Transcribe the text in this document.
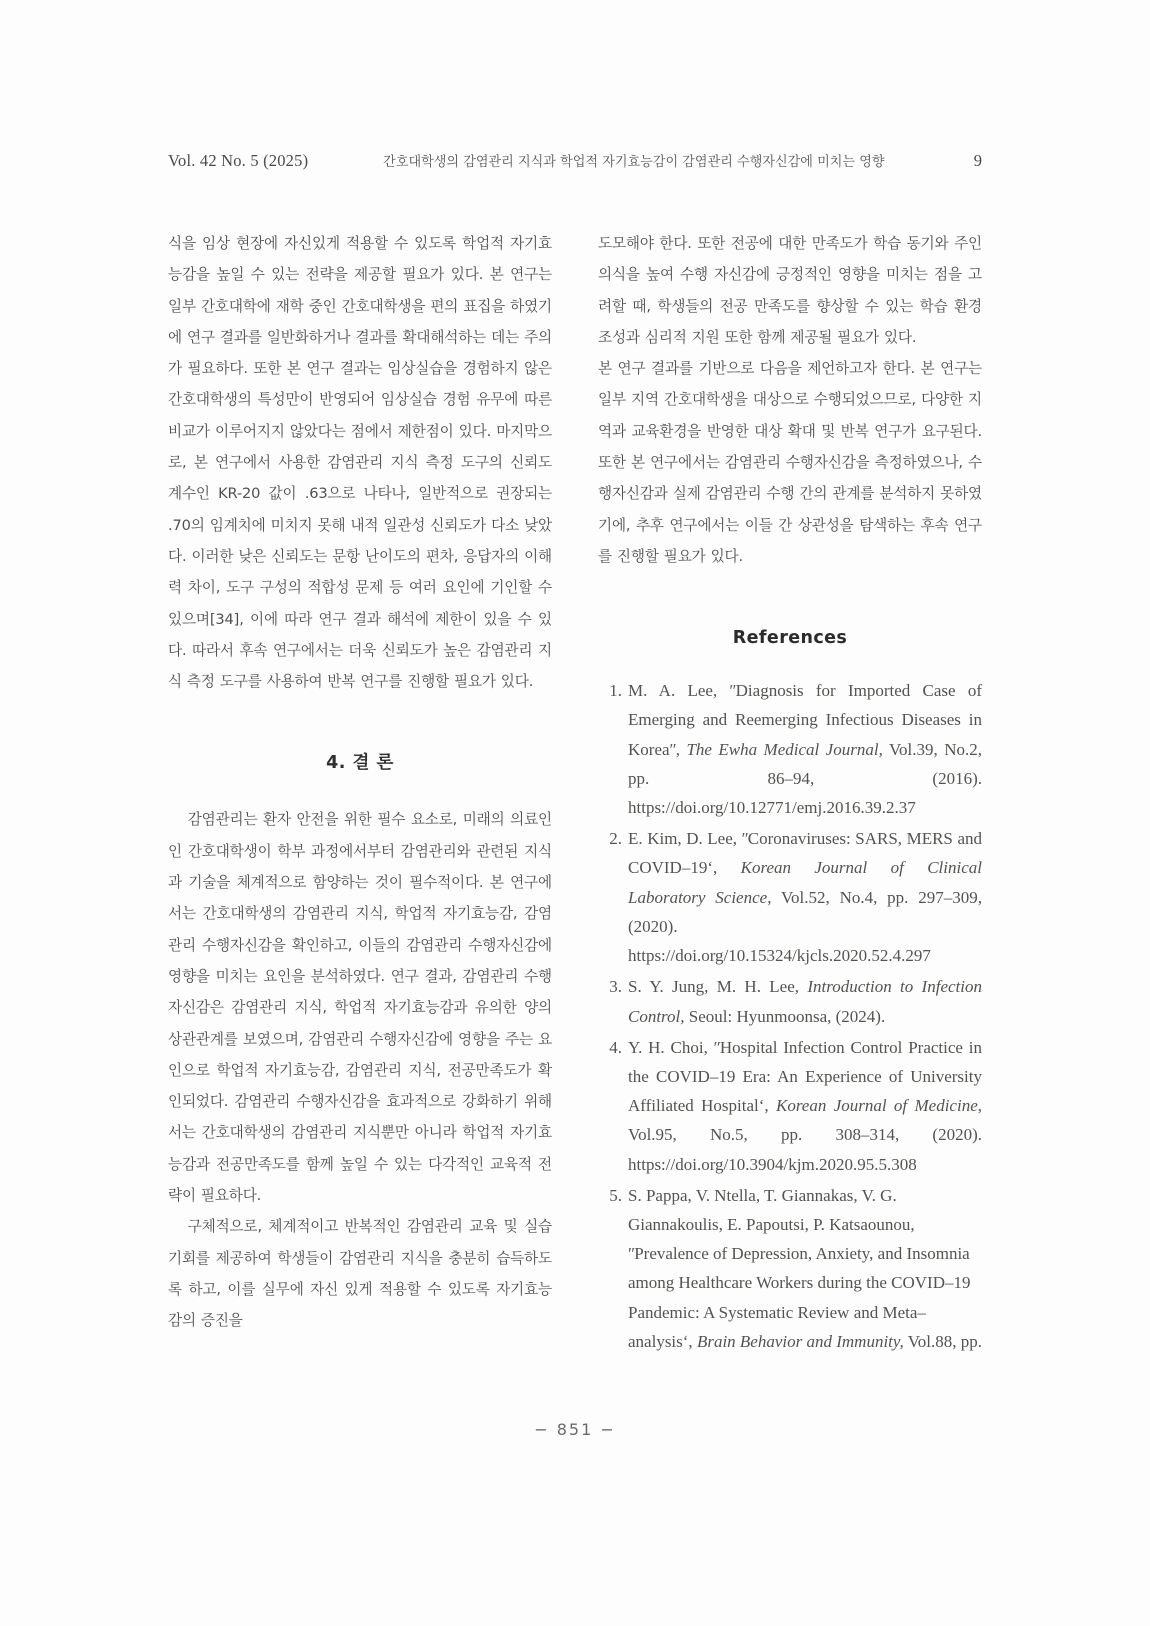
Vol. 42 No. 5 (2025)	간호대학생의 감염관리 지식과 학업적 자기효능감이 감염관리 수행자신감에 미치는 영향	9

식을 임상 현장에 자신있게 적용할 수 있도록 학업적 자기효능감을 높일 수 있는 전략을 제공할 필요가 있다. 본 연구는 일부 간호대학에 재학 중인 간호대학생을 편의 표집을 하였기에 연구 결과를 일반화하거나 결과를 확대해석하는 데는 주의가 필요하다. 또한 본 연구 결과는 임상실습을 경험하지 않은 간호대학생의 특성만이 반영되어 임상실습 경험 유무에 따른 비교가 이루어지지 않았다는 점에서 제한점이 있다. 마지막으로, 본 연구에서 사용한 감염관리 지식 측정 도구의 신뢰도 계수인 KR-20 값이 .63으로 나타나, 일반적으로 권장되는 .70의 임계치에 미치지 못해 내적 일관성 신뢰도가 다소 낮았다. 이러한 낮은 신뢰도는 문항 난이도의 편차, 응답자의 이해력 차이, 도구 구성의 적합성 문제 등 여러 요인에 기인할 수 있으며[34], 이에 따라 연구 결과 해석에 제한이 있을 수 있다. 따라서 후속 연구에서는 더욱 신뢰도가 높은 감염관리 지식 측정 도구를 사용하여 반복 연구를 진행할 필요가 있다.

4. 결 론

감염관리는 환자 안전을 위한 필수 요소로, 미래의 의료인인 간호대학생이 학부 과정에서부터 감염관리와 관련된 지식과 기술을 체계적으로 함양하는 것이 필수적이다. 본 연구에서는 간호대학생의 감염관리 지식, 학업적 자기효능감, 감염관리 수행자신감을 확인하고, 이들의 감염관리 수행자신감에 영향을 미치는 요인을 분석하였다. 연구 결과, 감염관리 수행자신감은 감염관리 지식, 학업적 자기효능감과 유의한 양의 상관관계를 보였으며, 감염관리 수행자신감에 영향을 주는 요인으로 학업적 자기효능감, 감염관리 지식, 전공만족도가 확인되었다. 감염관리 수행자신감을 효과적으로 강화하기 위해서는 간호대학생의 감염관리 지식뿐만 아니라 학업적 자기효능감과 전공만족도를 함께 높일 수 있는 다각적인 교육적 전략이 필요하다.

구체적으로, 체계적이고 반복적인 감염관리 교육 및 실습 기회를 제공하여 학생들이 감염관리 지식을 충분히 습득하도록 하고, 이를 실무에 자신 있게 적용할 수 있도록 자기효능감의 증진을

도모해야 한다. 또한 전공에 대한 만족도가 학습 동기와 주인의식을 높여 수행 자신감에 긍정적인 영향을 미치는 점을 고려할 때, 학생들의 전공 만족도를 향상할 수 있는 학습 환경 조성과 심리적 지원 또한 함께 제공될 필요가 있다.

본 연구 결과를 기반으로 다음을 제언하고자 한다. 본 연구는 일부 지역 간호대학생을 대상으로 수행되었으므로, 다양한 지역과 교육환경을 반영한 대상 확대 및 반복 연구가 요구된다. 또한 본 연구에서는 감염관리 수행자신감을 측정하였으나, 수행자신감과 실제 감염관리 수행 간의 관계를 분석하지 못하였기에, 추후 연구에서는 이들 간 상관성을 탐색하는 후속 연구를 진행할 필요가 있다.

References
1. M. A. Lee, ʺDiagnosis for Imported Case of Emerging and Reemerging Infectious Diseases in Koreaʺ, The Ewha Medical Journal, Vol.39, No.2, pp. 86‒94, (2016). https://doi.org/10.12771/emj.2016.39.2.37
2. E. Kim, D. Lee, ʺCoronaviruses: SARS, MERS and COVID‒19ʻ, Korean Journal of Clinical Laboratory Science, Vol.52, No.4, pp. 297‒309, (2020). https://doi.org/10.15324/kjcls.2020.52.4.297
3. S. Y. Jung, M. H. Lee, Introduction to Infection Control, Seoul: Hyunmoonsa, (2024).
4. Y. H. Choi, ʺHospital Infection Control Practice in the COVID‒19 Era: An Experience of University Affiliated Hospitalʻ, Korean Journal of Medicine, Vol.95, No.5, pp. 308‒314, (2020). https://doi.org/10.3904/kjm.2020.95.5.308
5. S. Pappa, V. Ntella, T. Giannakas, V. G. Giannakoulis, E. Papoutsi, P. Katsaounou, ʺPrevalence of Depression, Anxiety, and Insomnia among Healthcare Workers during the COVID‒19 Pandemic: A Systematic Review and Meta‒analysisʻ, Brain Behavior and Immunity, Vol.88, pp.
− 851 −
